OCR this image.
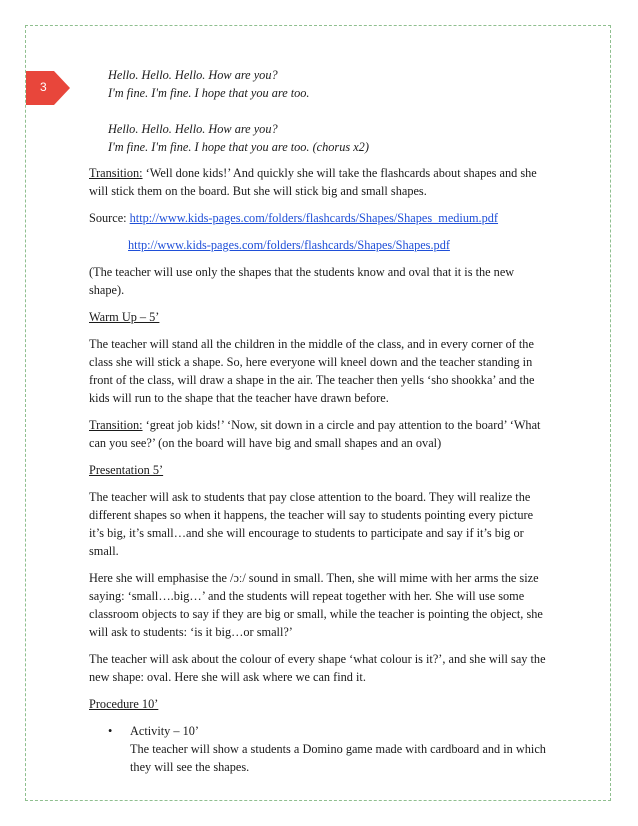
3
Hello. Hello. Hello. How are you?
I'm fine. I'm fine. I hope that you are too.
Hello. Hello. Hello. How are you?
I'm fine. I'm fine. I hope that you are too. (chorus x2)

Transition: ‘Well done kids!’ And quickly she will take the flashcards about shapes and she will stick them on the board. But she will stick big and small shapes.

Source: http://www.kids-pages.com/folders/flashcards/Shapes/Shapes_medium.pdf

http://www.kids-pages.com/folders/flashcards/Shapes/Shapes.pdf

(The teacher will use only the shapes that the students know and oval that it is the new shape).

Warm Up – 5’

The teacher will stand all the children in the middle of the class, and in every corner of the class she will stick a shape. So, here everyone will kneel down and the teacher standing in front of the class, will draw a shape in the air. The teacher then yells ‘sho shookka’ and the kids will run to the shape that the teacher have drawn before.

Transition: ‘great job kids!’ ‘Now, sit down in a circle and pay attention to the board’ ‘What can you see?’ (on the board will have big and small shapes and an oval)

Presentation 5’

The teacher will ask to students that pay close attention to the board. They will realize the different shapes so when it happens, the teacher will say to students pointing every picture it’s big, it’s small…and she will encourage to students to participate and say if it’s big or small.

Here she will emphasise the /ɔː/ sound in small. Then, she will mime with her arms the size saying: ‘small….big…’ and the students will repeat together with her. She will use some classroom objects to say if they are big or small, while the teacher is pointing the object, she will ask to students: ‘is it big…or small?’

The teacher will ask about the colour of every shape ‘what colour is it?’, and she will say the new shape: oval. Here she will ask where we can find it.

Procedure 10’

• Activity – 10’
The teacher will show a students a Domino game made with cardboard and in which they will see the shapes.
